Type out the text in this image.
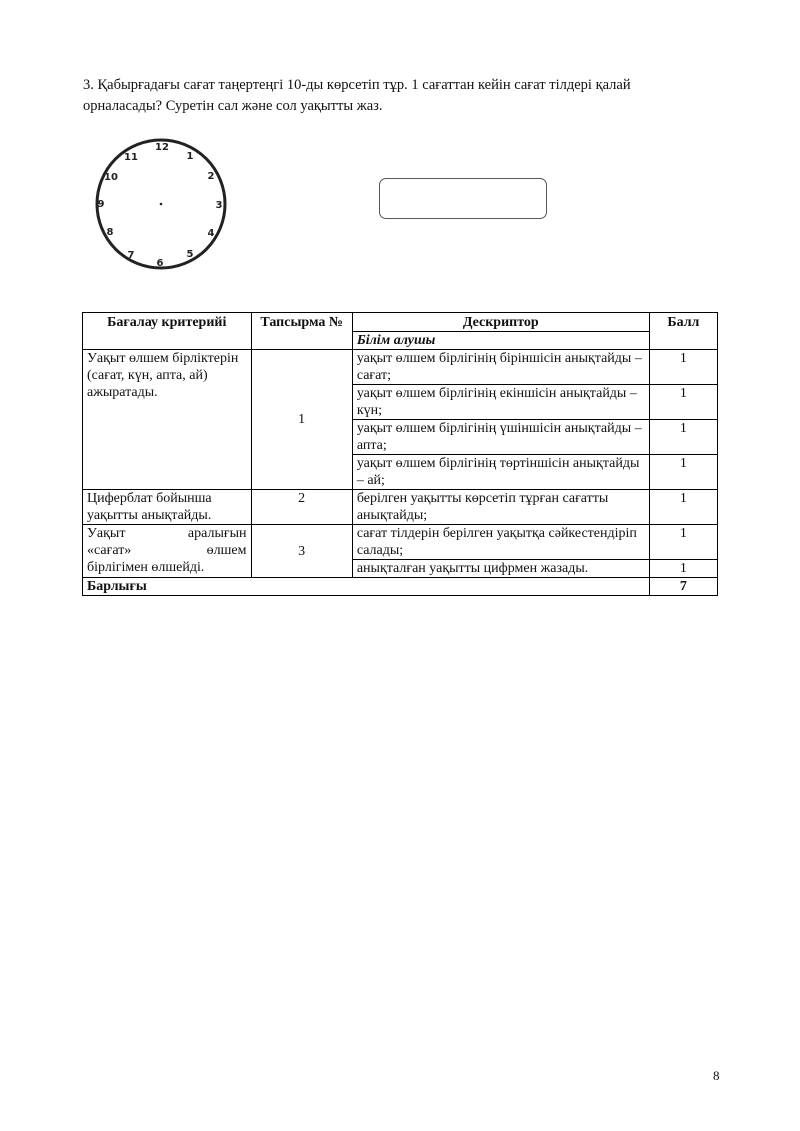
3. Қабырғадағы сағат таңертеңгі 10-ды көрсетіп тұр. 1 сағаттан кейін сағат тілдері қалай
орналасады? Суретін сал және сол уақытты жаз.
12
1
2
3
4
5
6
7
8
9
10
11
Бағалау критерийі	Тапсырма №	Дескриптор	Балл
		Білім алушы	
Уақыт өлшем бірліктерін (сағат, күн, апта, ай) ажыратады.	1	уақыт өлшем бірлігінің біріншісін анықтайды – сағат;	1
		уақыт өлшем бірлігінің екіншісін анықтайды – күн;	1
		уақыт өлшем бірлігінің үшіншісін анықтайды – апта;	1
		уақыт өлшем бірлігінің төртіншісін анықтайды – ай;	1
Циферблат бойынша уақытты анықтайды.	2	берілген уақытты көрсетіп тұрған сағатты анықтайды;	1

Уақыт аралығын
«сағат» өлшем
бірлігімен өлшейді.	3	сағат тілдерін берілген уақытқа сәйкестендіріп салады;	1
		анықталған уақытты цифрмен жазады.	1
Барлығы			7
8
